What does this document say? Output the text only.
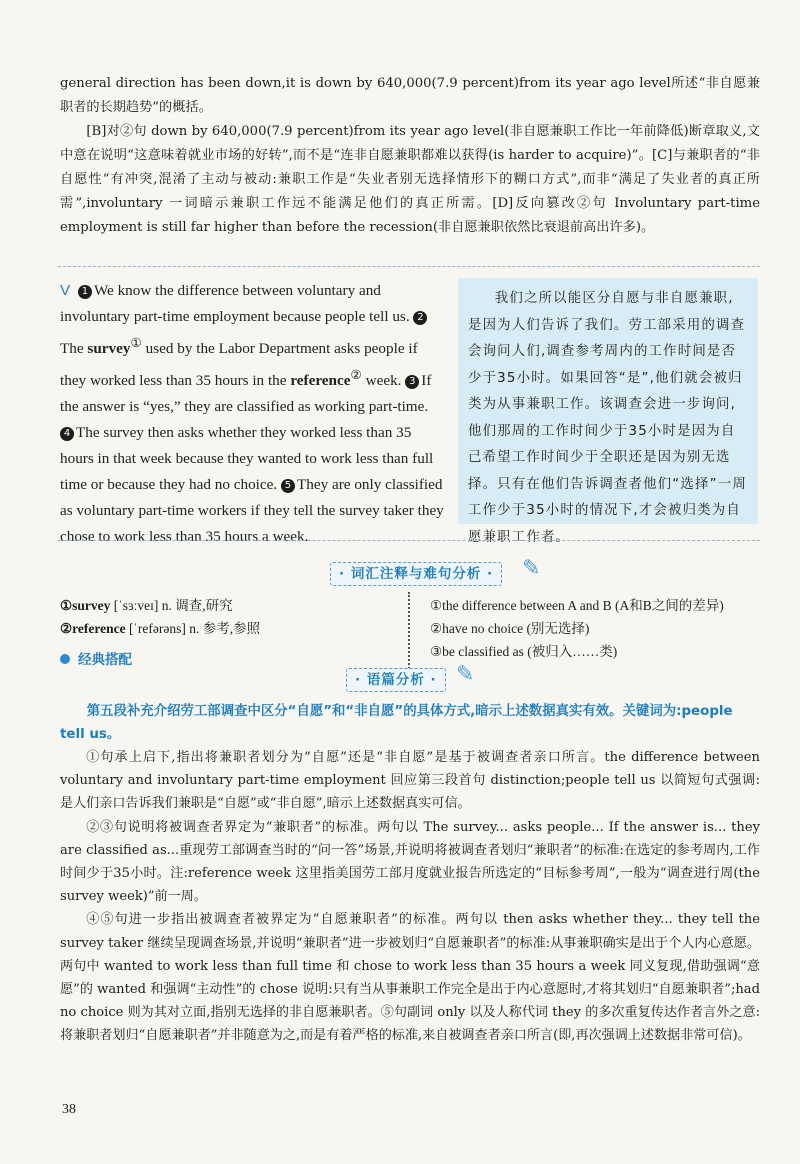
general direction has been down,it is down by 640,000(7.9 percent)from its year ago level所述“非自愿兼职者的长期趋势”的概括。

[B]对②句 down by 640,000(7.9 percent)from its year ago level(非自愿兼职工作比一年前降低)断章取义,文中意在说明“这意味着就业市场的好转”,而不是“连非自愿兼职都难以获得(is harder to acquire)”。[C]与兼职者的“非自愿性”有冲突,混淆了主动与被动:兼职工作是“失业者别无选择情形下的糊口方式”,而非“满足了失业者的真正所需”,involuntary 一词暗示兼职工作远不能满足他们的真正所需。[D]反向篡改②句 Involuntary part-time employment is still far higher than before the recession(非自愿兼职依然比衰退前高出许多)。

V 1 We know the difference between voluntary and involuntary part-time employment because people tell us. 2The survey① used by the Labor Department asks people if they worked less than 35 hours in the reference② week. 3 If the answer is “yes,” they are classified as working part-time. 4 The survey then asks whether they worked less than 35 hours in that week because they wanted to work less than full time or because they had no choice. 5 They are only classified as voluntary part-time workers if they tell the survey taker they chose to work less than 35 hours a week.
我们之所以能区分自愿与非自愿兼职,是因为人们告诉了我们。劳工部采用的调查会询问人们,调查参考周内的工作时间是否少于35小时。如果回答“是”,他们就会被归类为从事兼职工作。该调查会进一步询问,他们那周的工作时间少于35小时是因为自己希望工作时间少于全职还是因为别无选择。只有在他们告诉调查者他们“选择”一周工作少于35小时的情况下,才会被归类为自愿兼职工作者。
· 词汇注释与难句分析 ·	✎
①survey [ˈsɜːveɪ] n. 调查,研究
②reference [ˈrefərəns] n. 参考,参照
①the difference between A and B (A和B之间的差异)
②have no choice (别无选择)
③be classified as (被归入……类)
经典搭配
· 语篇分析 · ✎
第五段补充介绍劳工部调查中区分“自愿”和“非自愿”的具体方式,暗示上述数据真实有效。关键词为:people tell us。

①句承上启下,指出将兼职者划分为“自愿”还是“非自愿”是基于被调查者亲口所言。the difference between voluntary and involuntary part-time employment 回应第三段首句 distinction;people tell us 以简短句式强调:是人们亲口告诉我们兼职是“自愿”或“非自愿”,暗示上述数据真实可信。

②③句说明将被调查者界定为“兼职者”的标准。两句以 The survey... asks people... If the answer is... they are classified as...重现劳工部调查当时的“问一答”场景,并说明将被调查者划归“兼职者”的标准:在选定的参考周内,工作时间少于35小时。注:reference week 这里指美国劳工部月度就业报告所选定的“目标参考周”,一般为“调查进行周(the survey week)”前一周。

④⑤句进一步指出被调查者被界定为“自愿兼职者”的标准。两句以 then asks whether they... they tell the survey taker 继续呈现调查场景,并说明“兼职者”进一步被划归“自愿兼职者”的标准:从事兼职确实是出于个人内心意愿。两句中 wanted to work less than full time 和 chose to work less than 35 hours a week 同义复现,借助强调“意愿”的 wanted 和强调“主动性”的 chose 说明:只有当从事兼职工作完全是出于内心意愿时,才将其划归“自愿兼职者”;had no choice 则为其对立面,指别无选择的非自愿兼职者。⑤句副词 only 以及人称代词 they 的多次重复传达作者言外之意:将兼职者划归“自愿兼职者”并非随意为之,而是有着严格的标准,来自被调查者亲口所言(即,再次强调上述数据非常可信)。

38
